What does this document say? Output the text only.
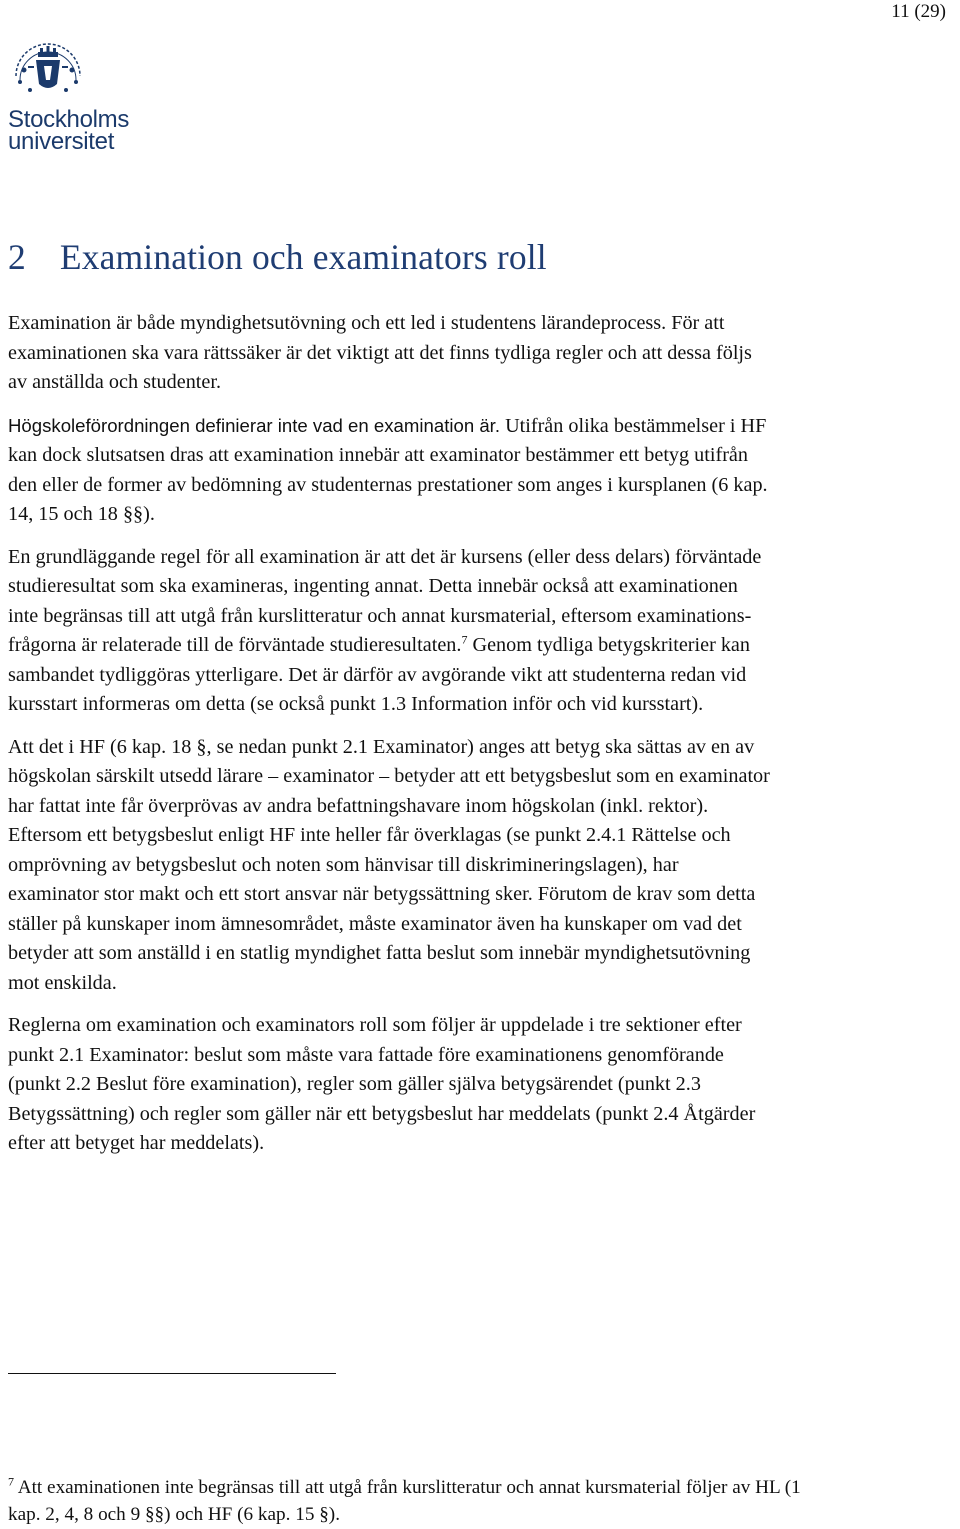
11 (29)
Stockholms
universitet
2 Examination och examinators roll

Examination är både myndighetsutövning och ett led i studentens lärandeprocess. För att
examinationen ska vara rättssäker är det viktigt att det finns tydliga regler och att dessa följs
av anställda och studenter.

Högskoleförordningen definierar inte vad en examination är. Utifrån olika bestämmelser i HF
kan dock slutsatsen dras att examination innebär att examinator bestämmer ett betyg utifrån
den eller de former av bedömning av studenternas prestationer som anges i kursplanen (6 kap.
14, 15 och 18 §§).

En grundläggande regel för all examination är att det är kursens (eller dess delars) förväntade
studieresultat som ska examineras, ingenting annat. Detta innebär också att examinationen
inte begränsas till att utgå från kurslitteratur och annat kursmaterial, eftersom examinations-
frågorna är relaterade till de förväntade studieresultaten.$^7$ Genom tydliga betygskriterier kan
sambandet tydliggöras ytterligare. Det är därför av avgörande vikt att studenterna redan vid
kursstart informeras om detta (se också punkt 1.3 Information inför och vid kursstart).

Att det i HF (6 kap. 18 §, se nedan punkt 2.1 Examinator) anges att betyg ska sättas av en av
högskolan särskilt utsedd lärare – examinator – betyder att ett betygsbeslut som en examinator
har fattat inte får överprövas av andra befattningshavare inom högskolan (inkl. rektor).
Eftersom ett betygsbeslut enligt HF inte heller får överklagas (se punkt 2.4.1 Rättelse och
omprövning av betygsbeslut och noten som hänvisar till diskrimineringslagen), har
examinator stor makt och ett stort ansvar när betygssättning sker. Förutom de krav som detta
ställer på kunskaper inom ämnesområdet, måste examinator även ha kunskaper om vad det
betyder att som anställd i en statlig myndighet fatta beslut som innebär myndighetsutövning
mot enskilda.

Reglerna om examination och examinators roll som följer är uppdelade i tre sektioner efter
punkt 2.1 Examinator: beslut som måste vara fattade före examinationens genomförande
(punkt 2.2 Beslut före examination), regler som gäller själva betygsärendet (punkt 2.3
Betygssättning) och regler som gäller när ett betygsbeslut har meddelats (punkt 2.4 Åtgärder
efter att betyget har meddelats).

$^7$ Att examinationen inte begränsas till att utgå från kurslitteratur och annat kursmaterial följer av HL (1
kap. 2, 4, 8 och 9 §§) och HF (6 kap. 15 §).
